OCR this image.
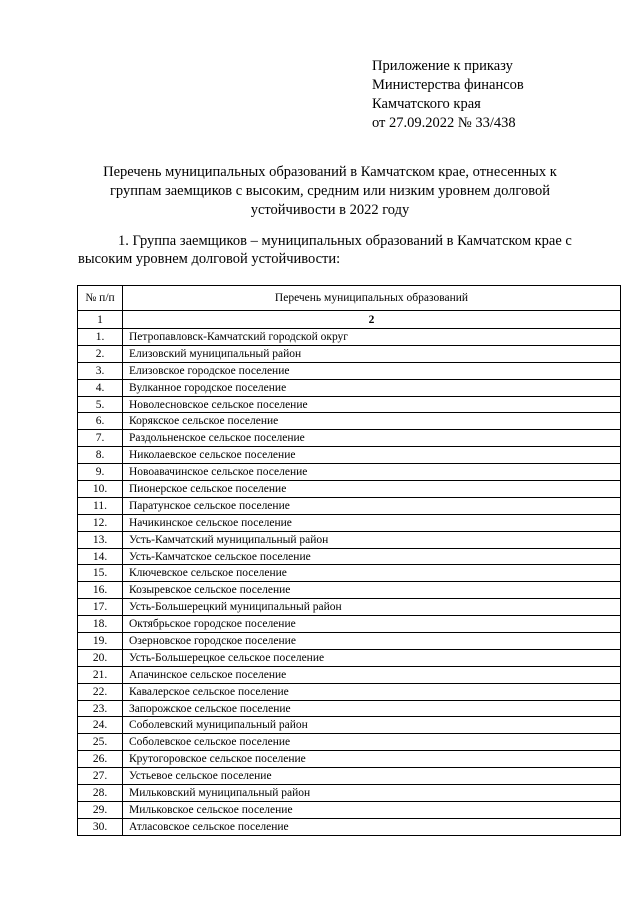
Приложение к приказу
Министерства финансов
Камчатского края
от 27.09.2022 № 33/438
Перечень муниципальных образований в Камчатском крае, отнесенных к группам заемщиков с высоким, средним или низким уровнем долговой устойчивости в 2022 году
1. Группа заемщиков – муниципальных образований в Камчатском крае с высоким уровнем долговой устойчивости:
№ п/п	Перечень муниципальных образований
1	2
1.	Петропавловск-Камчатский городской округ
2.	Елизовский муниципальный район
3.	Елизовское городское поселение
4.	Вулканное городское поселение
5.	Новолесновское сельское поселение
6.	Корякское сельское поселение
7.	Раздольненское сельское поселение
8.	Николаевское сельское поселение
9.	Новоавачинское сельское поселение
10.	Пионерское сельское поселение
11.	Паратунское сельское поселение
12.	Начикинское сельское поселение
13.	Усть-Камчатский муниципальный район
14.	Усть-Камчатское сельское поселение
15.	Ключевское сельское поселение
16.	Козыревское сельское поселение
17.	Усть-Большерецкий муниципальный район
18.	Октябрьское городское поселение
19.	Озерновское городское поселение
20.	Усть-Большерецкое сельское поселение
21.	Апачинское сельское поселение
22.	Кавалерское сельское поселение
23.	Запорожское сельское поселение
24.	Соболевский муниципальный район
25.	Соболевское сельское поселение
26.	Крутогоровское сельское поселение
27.	Устьевое сельское поселение
28.	Мильковский муниципальный район
29.	Мильковское сельское поселение
30.	Атласовское сельское поселение
